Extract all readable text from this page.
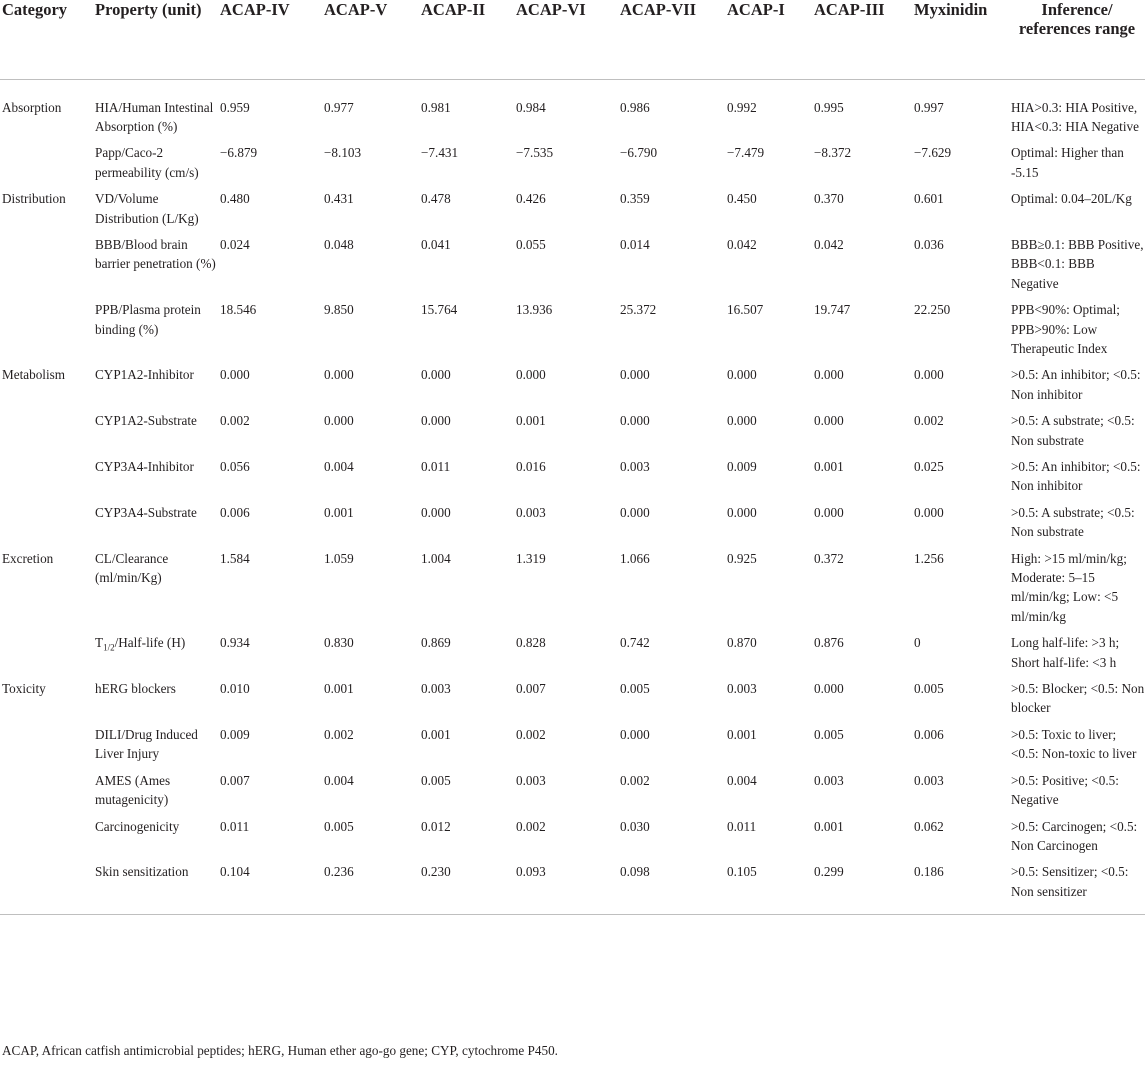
Category	Property (unit)	ACAP-IV	ACAP-V	ACAP-II	ACAP-VI	ACAP-VII	ACAP-I	ACAP-III	Myxinidin	Inference/ references range
Absorption	HIA/Human Intestinal Absorption (%)	0.959	0.977	0.981	0.984	0.986	0.992	0.995	0.997	HIA>0.3: HIA Positive, HIA<0.3: HIA Negative
	Papp/Caco-2 permeability (cm/s)	−6.879	−8.103	−7.431	−7.535	−6.790	−7.479	−8.372	−7.629	Optimal: Higher than -5.15
Distribution	VD/Volume Distribution (L/Kg)	0.480	0.431	0.478	0.426	0.359	0.450	0.370	0.601	Optimal: 0.04–20L/Kg
	BBB/Blood brain barrier penetration (%)	0.024	0.048	0.041	0.055	0.014	0.042	0.042	0.036	BBB≥0.1: BBB Positive, BBB<0.1: BBB Negative
	PPB/Plasma protein binding (%)	18.546	9.850	15.764	13.936	25.372	16.507	19.747	22.250	PPB<90%: Optimal; PPB>90%: Low Therapeutic Index
Metabolism	CYP1A2-Inhibitor	0.000	0.000	0.000	0.000	0.000	0.000	0.000	0.000	>0.5: An inhibitor; <0.5: Non inhibitor
	CYP1A2-Substrate	0.002	0.000	0.000	0.001	0.000	0.000	0.000	0.002	>0.5: A substrate; <0.5: Non substrate
	CYP3A4-Inhibitor	0.056	0.004	0.011	0.016	0.003	0.009	0.001	0.025	>0.5: An inhibitor; <0.5: Non inhibitor
	CYP3A4-Substrate	0.006	0.001	0.000	0.003	0.000	0.000	0.000	0.000	>0.5: A substrate; <0.5: Non substrate
Excretion	CL/Clearance (ml/min/Kg)	1.584	1.059	1.004	1.319	1.066	0.925	0.372	1.256	High: >15 ml/min/kg; Moderate: 5–15 ml/min/kg; Low: <5 ml/min/kg
	$T_{1/2}/Half$-life (H)	0.934	0.830	0.869	0.828	0.742	0.870	0.876	0	Long half-life: >3 h; Short half-life: <3 h
Toxicity	hERG blockers	0.010	0.001	0.003	0.007	0.005	0.003	0.000	0.005	>0.5: Blocker; <0.5: Non blocker
	DILI/Drug Induced Liver Injury	0.009	0.002	0.001	0.002	0.000	0.001	0.005	0.006	>0.5: Toxic to liver; <0.5: Non-toxic to liver
	AMES (Ames mutagenicity)	0.007	0.004	0.005	0.003	0.002	0.004	0.003	0.003	>0.5: Positive; <0.5: Negative
	Carcinogenicity	0.011	0.005	0.012	0.002	0.030	0.011	0.001	0.062	>0.5: Carcinogen; <0.5: Non Carcinogen
	Skin sensitization	0.104	0.236	0.230	0.093	0.098	0.105	0.299	0.186	>0.5: Sensitizer; <0.5: Non sensitizer
ACAP, African catfish antimicrobial peptides; hERG, Human ether ago-go gene; CYP, cytochrome P450.
